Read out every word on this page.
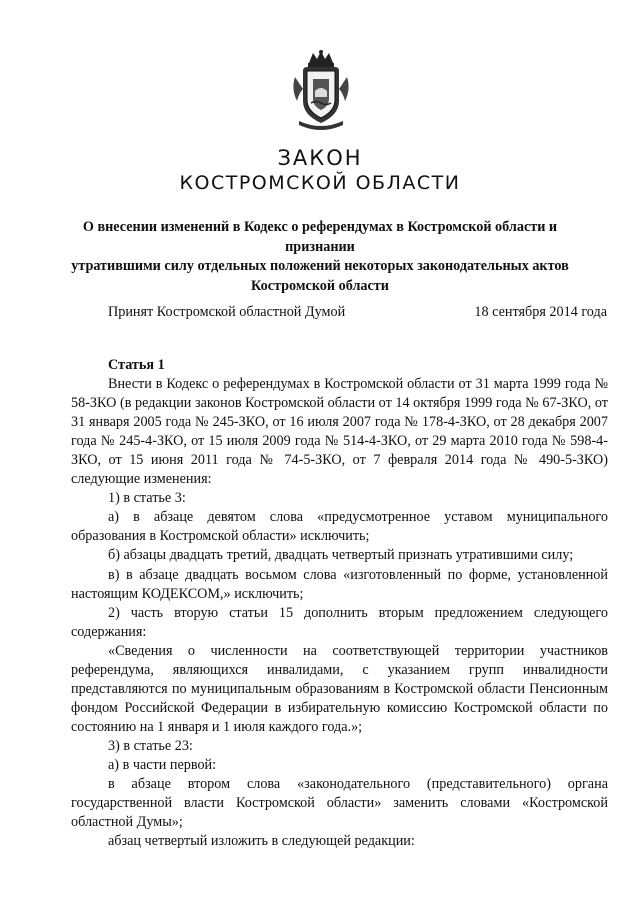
ЗАКОН
КОСТРОМСКОЙ ОБЛАСТИ
О внесении изменений в Кодекс о референдумах в Костромской области и признании
утратившими силу отдельных положений некоторых законодательных актов
Костромской области
Принят Костромской областной Думой	18 сентября 2014 года

Статья 1

Внести в Кодекс о референдумах в Костромской области от 31 марта 1999 года № 58-ЗКО (в редакции законов Костромской области от 14 октября 1999 года № 67-ЗКО, от 31 января 2005 года № 245-ЗКО, от 16 июля 2007 года № 178-4-ЗКО, от 28 декабря 2007 года № 245-4-ЗКО, от 15 июля 2009 года № 514-4-ЗКО, от 29 марта 2010 года № 598-4-ЗКО, от 15 июня 2011 года № 74-5-ЗКО, от 7 февраля 2014 года № 490-5-ЗКО) следующие изменения:

1) в статье 3:

а) в абзаце девятом слова «предусмотренное уставом муниципального образования в Костромской области» исключить;

б) абзацы двадцать третий, двадцать четвертый признать утратившими силу;

в) в абзаце двадцать восьмом слова «изготовленный по форме, установленной настоящим КОДЕКСОМ,» исключить;

2) часть вторую статьи 15 дополнить вторым предложением следующего содержания:

«Сведения о численности на соответствующей территории участников референдума, являющихся инвалидами, с указанием групп инвалидности представляются по муниципальным образованиям в Костромской области Пенсионным фондом Российской Федерации в избирательную комиссию Костромской области по состоянию на 1 января и 1 июля каждого года.»;

3) в статье 23:

а) в части первой:

в абзаце втором слова «законодательного (представительного) органа государственной власти Костромской области» заменить словами «Костромской областной Думы»;

абзац четвертый изложить в следующей редакции:
